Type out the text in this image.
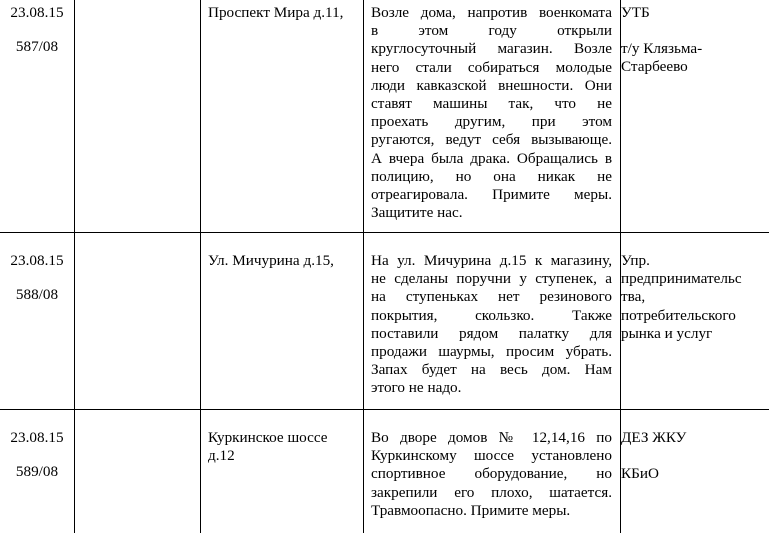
23.08.15
587/08
Проспект Мира д.11,	Возле дома, напротив военкомата
в этом году открыли
круглосуточный магазин. Возле
него стали собираться молодые
люди кавказской внешности. Они
ставят машины так, что не
проехать другим, при этом
ругаются, ведут себя вызывающе.
А вчера была драка. Обращались в
полицию, но она никак не
отреагировала. Примите меры.
Защитите нас.
УТБ
т/у Клязьма-
Старбеево
23.08.15
588/08
Ул. Мичурина д.15,	На ул. Мичурина д.15 к магазину,
не сделаны поручни у ступенек, а
на ступеньках нет резинового
покрытия, скользко. Также
поставили рядом палатку для
продажи шаурмы, просим убрать.
Запах будет на весь дом. Нам
этого не надо.
Упр.
предпринимательс
тва,
потребительского
рынка и услуг
23.08.15
589/08
Куркинское шоссе
д.12
Во дворе домов № 12,14,16 по
Куркинскому шоссе установлено
спортивное оборудование, но
закрепили его плохо, шатается.
Травмоопасно. Примите меры.
ДЕЗ ЖКУ
КБиО
